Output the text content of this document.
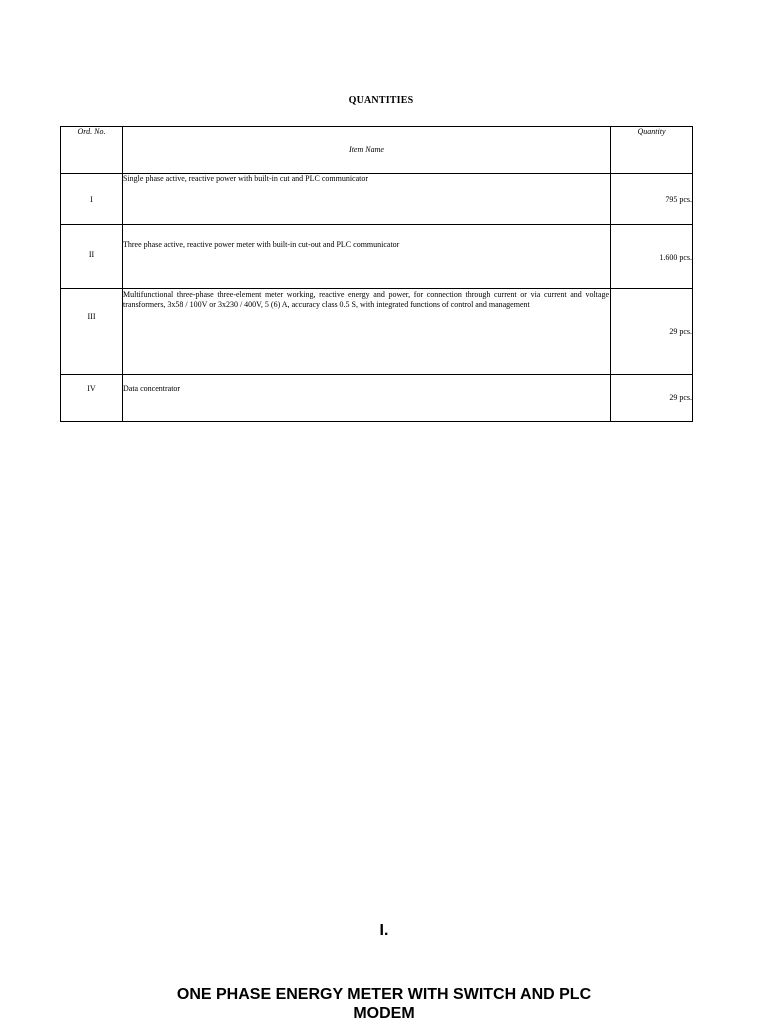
QUANTITIES
Ord. No.	Item Name	Quantity
I	Single phase active, reactive power with built-in cut and PLC communicator	795 pcs.
II	Three phase active, reactive power meter with built-in cut-out and PLC communicator	1.600 pcs.
III	Multifunctional three-phase three-element meter working, reactive energy and power, for connection through current or via current and voltage transformers, 3x58 / 100V or 3x230 / 400V, 5 (6) A, accuracy class 0.5 S, with integrated functions of control and management	29 pcs.
IV	Data concentrator	29 pcs.
I.
ONE PHASE ENERGY METER WITH SWITCH AND PLC
MODEM
